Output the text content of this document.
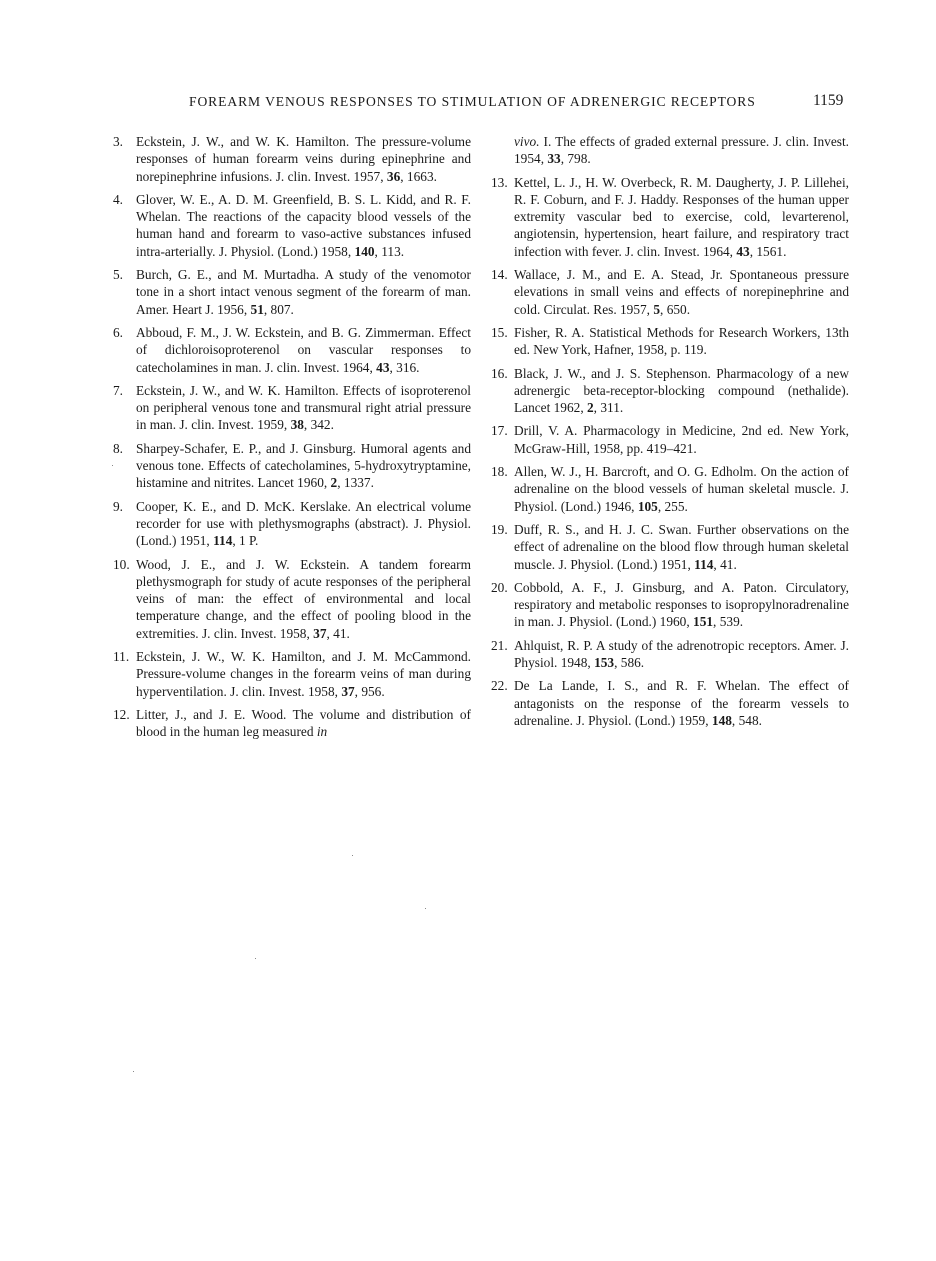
FOREARM VENOUS RESPONSES TO STIMULATION OF ADRENERGIC RECEPTORS	1159

3. Eckstein, J. W., and W. K. Hamilton. The pressure-volume responses of human forearm veins during epinephrine and norepinephrine infusions. J. clin. Invest. 1957, 36, 1663.

4. Glover, W. E., A. D. M. Greenfield, B. S. L. Kidd, and R. F. Whelan. The reactions of the capacity blood vessels of the human hand and forearm to vaso-active substances infused intra-arterially. J. Physiol. (Lond.) 1958, 140, 113.

5. Burch, G. E., and M. Murtadha. A study of the venomotor tone in a short intact venous segment of the forearm of man. Amer. Heart J. 1956, 51, 807.

6. Abboud, F. M., J. W. Eckstein, and B. G. Zimmerman. Effect of dichloroisoproterenol on vascular responses to catecholamines in man. J. clin. Invest. 1964, 43, 316.

7. Eckstein, J. W., and W. K. Hamilton. Effects of isoproterenol on peripheral venous tone and transmural right atrial pressure in man. J. clin. Invest. 1959, 38, 342.

8. Sharpey-Schafer, E. P., and J. Ginsburg. Humoral agents and venous tone. Effects of catecholamines, 5-hydroxytryptamine, histamine and nitrites. Lancet 1960, 2, 1337.

9. Cooper, K. E., and D. McK. Kerslake. An electrical volume recorder for use with plethysmographs (abstract). J. Physiol. (Lond.) 1951, 114, 1 P.

10. Wood, J. E., and J. W. Eckstein. A tandem forearm plethysmograph for study of acute responses of the peripheral veins of man: the effect of environmental and local temperature change, and the effect of pooling blood in the extremities. J. clin. Invest. 1958, 37, 41.

11. Eckstein, J. W., W. K. Hamilton, and J. M. McCammond. Pressure-volume changes in the forearm veins of man during hyperventilation. J. clin. Invest. 1958, 37, 956.

12. Litter, J., and J. E. Wood. The volume and distribution of blood in the human leg measured in

vivo. I. The effects of graded external pressure. J. clin. Invest. 1954, 33, 798.

13. Kettel, L. J., H. W. Overbeck, R. M. Daugherty, J. P. Lillehei, R. F. Coburn, and F. J. Haddy. Responses of the human upper extremity vascular bed to exercise, cold, levarterenol, angiotensin, hypertension, heart failure, and respiratory tract infection with fever. J. clin. Invest. 1964, 43, 1561.

14. Wallace, J. M., and E. A. Stead, Jr. Spontaneous pressure elevations in small veins and effects of norepinephrine and cold. Circulat. Res. 1957, 5, 650.

15. Fisher, R. A. Statistical Methods for Research Workers, 13th ed. New York, Hafner, 1958, p. 119.

16. Black, J. W., and J. S. Stephenson. Pharmacology of a new adrenergic beta-receptor-blocking compound (nethalide). Lancet 1962, 2, 311.

17. Drill, V. A. Pharmacology in Medicine, 2nd ed. New York, McGraw-Hill, 1958, pp. 419–421.

18. Allen, W. J., H. Barcroft, and O. G. Edholm. On the action of adrenaline on the blood vessels of human skeletal muscle. J. Physiol. (Lond.) 1946, 105, 255.

19. Duff, R. S., and H. J. C. Swan. Further observations on the effect of adrenaline on the blood flow through human skeletal muscle. J. Physiol. (Lond.) 1951, 114, 41.

20. Cobbold, A. F., J. Ginsburg, and A. Paton. Circulatory, respiratory and metabolic responses to isopropylnoradrenaline in man. J. Physiol. (Lond.) 1960, 151, 539.

21. Ahlquist, R. P. A study of the adrenotropic receptors. Amer. J. Physiol. 1948, 153, 586.

22. De La Lande, I. S., and R. F. Whelan. The effect of antagonists on the response of the forearm vessels to adrenaline. J. Physiol. (Lond.) 1959, 148, 548.
